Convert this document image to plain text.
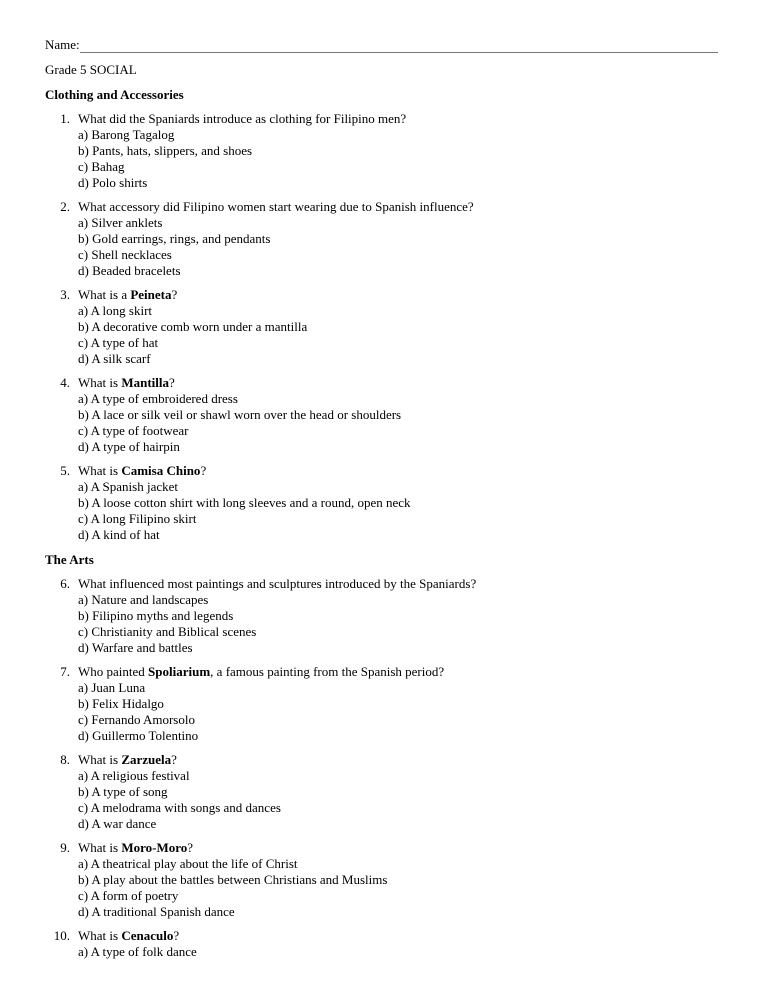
Name:
Grade 5 SOCIAL
Clothing and Accessories
1. What did the Spaniards introduce as clothing for Filipino men?
a) Barong Tagalog
b) Pants, hats, slippers, and shoes
c) Bahag
d) Polo shirts
2. What accessory did Filipino women start wearing due to Spanish influence?
a) Silver anklets
b) Gold earrings, rings, and pendants
c) Shell necklaces
d) Beaded bracelets
3. What is a Peineta?
a) A long skirt
b) A decorative comb worn under a mantilla
c) A type of hat
d) A silk scarf
4. What is Mantilla?
a) A type of embroidered dress
b) A lace or silk veil or shawl worn over the head or shoulders
c) A type of footwear
d) A type of hairpin
5. What is Camisa Chino?
a) A Spanish jacket
b) A loose cotton shirt with long sleeves and a round, open neck
c) A long Filipino skirt
d) A kind of hat
The Arts
6. What influenced most paintings and sculptures introduced by the Spaniards?
a) Nature and landscapes
b) Filipino myths and legends
c) Christianity and Biblical scenes
d) Warfare and battles
7. Who painted Spoliarium, a famous painting from the Spanish period?
a) Juan Luna
b) Felix Hidalgo
c) Fernando Amorsolo
d) Guillermo Tolentino
8. What is Zarzuela?
a) A religious festival
b) A type of song
c) A melodrama with songs and dances
d) A war dance
9. What is Moro-Moro?
a) A theatrical play about the life of Christ
b) A play about the battles between Christians and Muslims
c) A form of poetry
d) A traditional Spanish dance
10. What is Cenaculo?
a) A type of folk dance
